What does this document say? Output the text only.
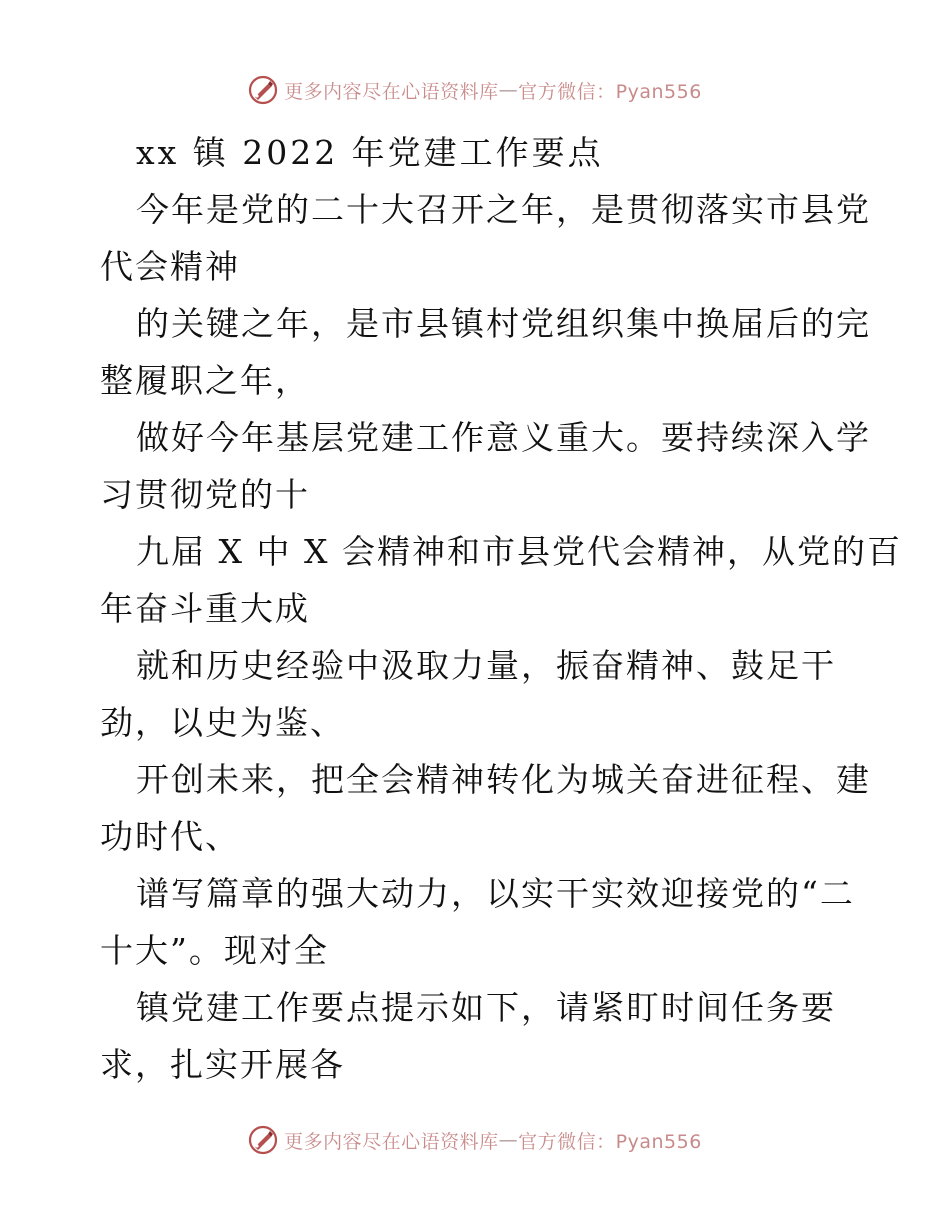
更多内容尽在心语资料库 — 官方微信：Pyan556
xx 镇 2022 年党建工作要点
今年是党的二十大召开之年，是贯彻落实市县党
代会精神
的关键之年，是市县镇村党组织集中换届后的完
整履职之年，
做好今年基层党建工作意义重大。要持续深入学
习贯彻党的十
九届 X 中 X 会精神和市县党代会精神，从党的百
年奋斗重大成
就和历史经验中汲取力量，振奋精神、鼓足干
劲，以史为鉴、
开创未来，把全会精神转化为城关奋进征程、建
功时代、
谱写篇章的强大动力，以实干实效迎接党的“二
十大”。现对全
镇党建工作要点提示如下，请紧盯时间任务要
求，扎实开展各
更多内容尽在心语资料库 — 官方微信：Pyan556
